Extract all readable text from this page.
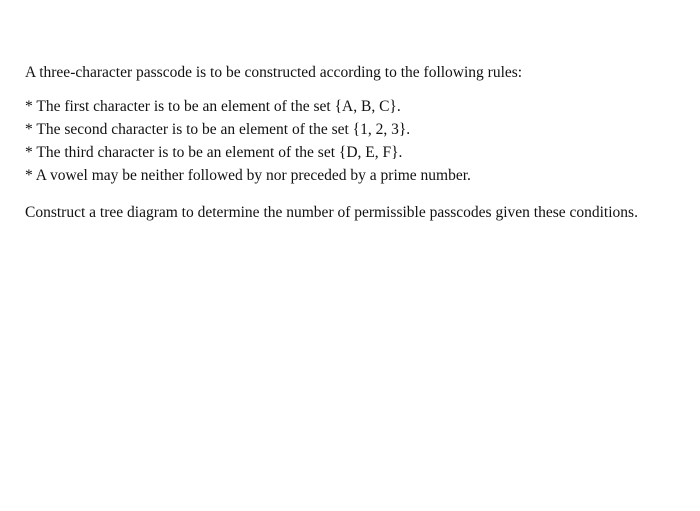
A three-character passcode is to be constructed according to the following rules:
* The first character is to be an element of the set {A, B, C}.
* The second character is to be an element of the set {1, 2, 3}.
* The third character is to be an element of the set {D, E, F}.
* A vowel may be neither followed by nor preceded by a prime number.
Construct a tree diagram to determine the number of permissible passcodes given these conditions.
